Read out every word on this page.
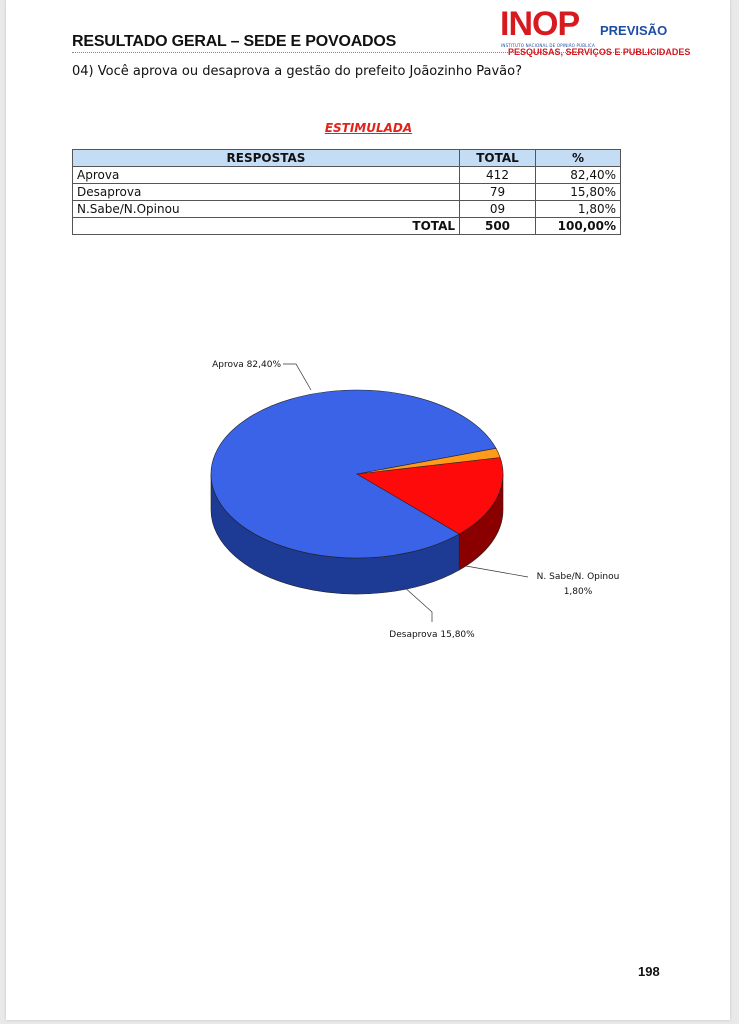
RESULTADO GERAL – SEDE E POVOADOS	INOP PREVISÃO
INSTITUTO NACIONAL DE OPINIÃO PÚBLICA
PESQUISAS, SERVIÇOS E PUBLICIDADES
04) Você aprova ou desaprova a gestão do prefeito Joãozinho Pavão?
ESTIMULADA
RESPOSTAS	TOTAL	%
Aprova	412	82,40%
Desaprova	79	15,80%
N.Sabe/N.Opinou	09	1,80%
TOTAL	500	100,00%
Aprova 82,40%
Desaprova 15,80%
N. Sabe/N. Opinou
1,80%
198
